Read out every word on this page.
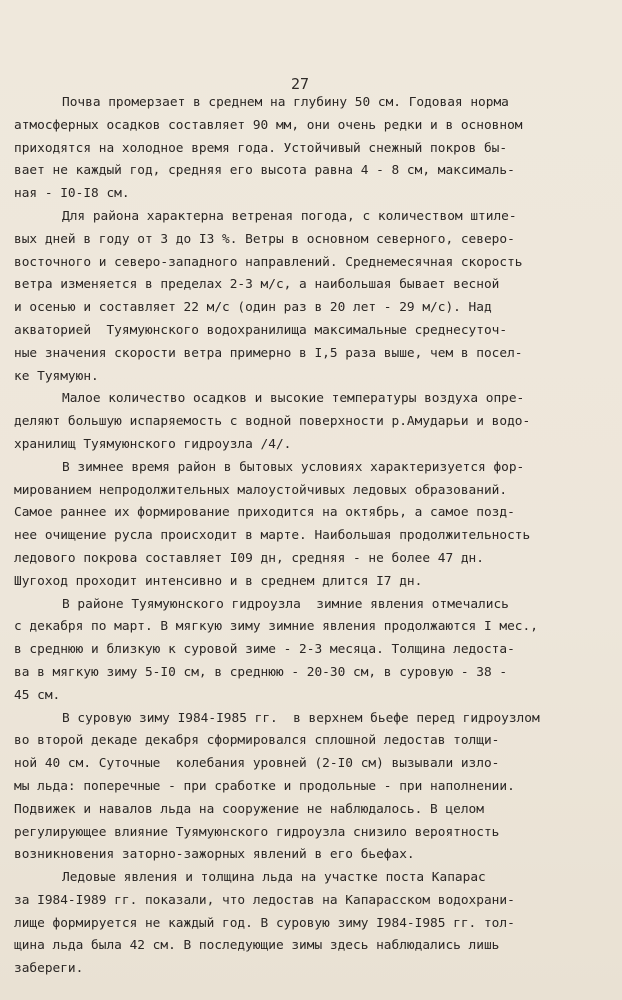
27
Почва промерзает в среднем на глубину 50 см. Годовая норма
атмосферных осадков составляет 90 мм, они очень редки и в основном
приходятся на холодное время года. Устойчивый снежный покров бы-
вает не каждый год, средняя его высота равна 4 - 8 см, максималь-
ная - I0-I8 см.
Для района характерна ветреная погода, с количеством штиле-
вых дней в году от 3 до I3 %. Ветры в основном северного, северо-
восточного и северо-западного направлений. Среднемесячная скорость
ветра изменяется в пределах 2-3 м/с, а наибольшая бывает весной
и осенью и составляет 22 м/с (один раз в 20 лет - 29 м/с). Над
акваторией  Туямуюнского водохранилища максимальные среднесуточ-
ные значения скорости ветра примерно в I,5 раза выше, чем в посел-
ке Туямуюн.
Малое количество осадков и высокие температуры воздуха опре-
деляют большую испаряемость с водной поверхности р.Амударьи и водо-
хранилищ Туямуюнского гидроузла /4/.
В зимнее время район в бытовых условиях характеризуется фор-
мированием непродолжительных малоустойчивых ледовых образований.
Самое раннее их формирование приходится на октябрь, а самое позд-
нее очищение русла происходит в марте. Наибольшая продолжительность
ледового покрова составляет I09 дн, средняя - не более 47 дн.
Шугоход проходит интенсивно и в среднем длится I7 дн.
В районе Туямуюнского гидроузла  зимние явления отмечались
с декабря по март. В мягкую зиму зимние явления продолжаются I мес.,
в среднюю и близкую к суровой зиме - 2-3 месяца. Толщина ледоста-
ва в мягкую зиму 5-I0 см, в среднюю - 20-30 см, в суровую - 38 -
45 см.
В суровую зиму I984-I985 гг.  в верхнем бьефе перед гидроузлом
во второй декаде декабря сформировался сплошной ледостав толщи-
ной 40 см. Суточные  колебания уровней (2-I0 см) вызывали изло-
мы льда: поперечные - при сработке и продольные - при наполнении.
Подвижек и навалов льда на сооружение не наблюдалось. В целом
регулирующее влияние Туямуюнского гидроузла снизило вероятность
возникновения заторно-зажорных явлений в его бьефах.
Ледовые явления и толщина льда на участке поста Капарас
за I984-I989 гг. показали, что ледостав на Капарасском водохрани-
лище формируется не каждый год. В суровую зиму I984-I985 гг. тол-
щина льда была 42 см. В последующие зимы здесь наблюдались лишь
забереги.
